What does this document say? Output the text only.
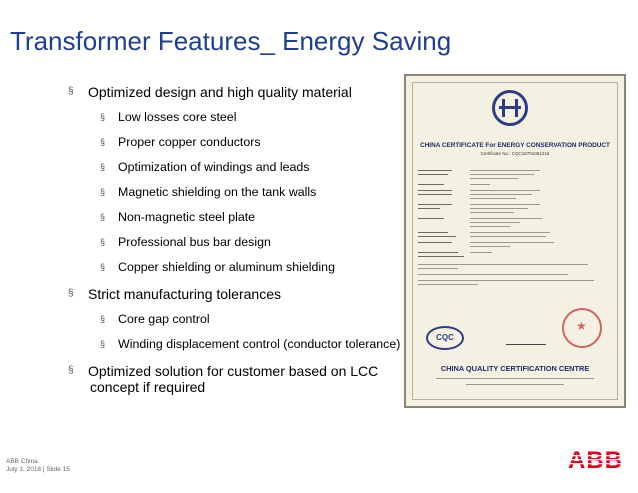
Transformer Features_ Energy Saving
§ Optimized design and high quality material
§ Low losses core steel
§ Proper copper conductors
§ Optimization of windings and leads
§ Magnetic shielding on the tank walls
§ Non-magnetic steel plate
§ Professional bus bar design
§ Copper shielding or aluminum shielding
§ Strict manufacturing tolerances
§ Core gap control
§ Winding displacement control (conductor tolerance)
§ Optimized solution for customer based on LCC
concept if required
CHINA CERTIFICATE For ENERGY CONSERVATION PRODUCT
Certificate No.: CQC16701081216
CQC
★
CHINA QUALITY CERTIFICATION CENTRE
ABB China
July 1, 2018 | Slide 15
